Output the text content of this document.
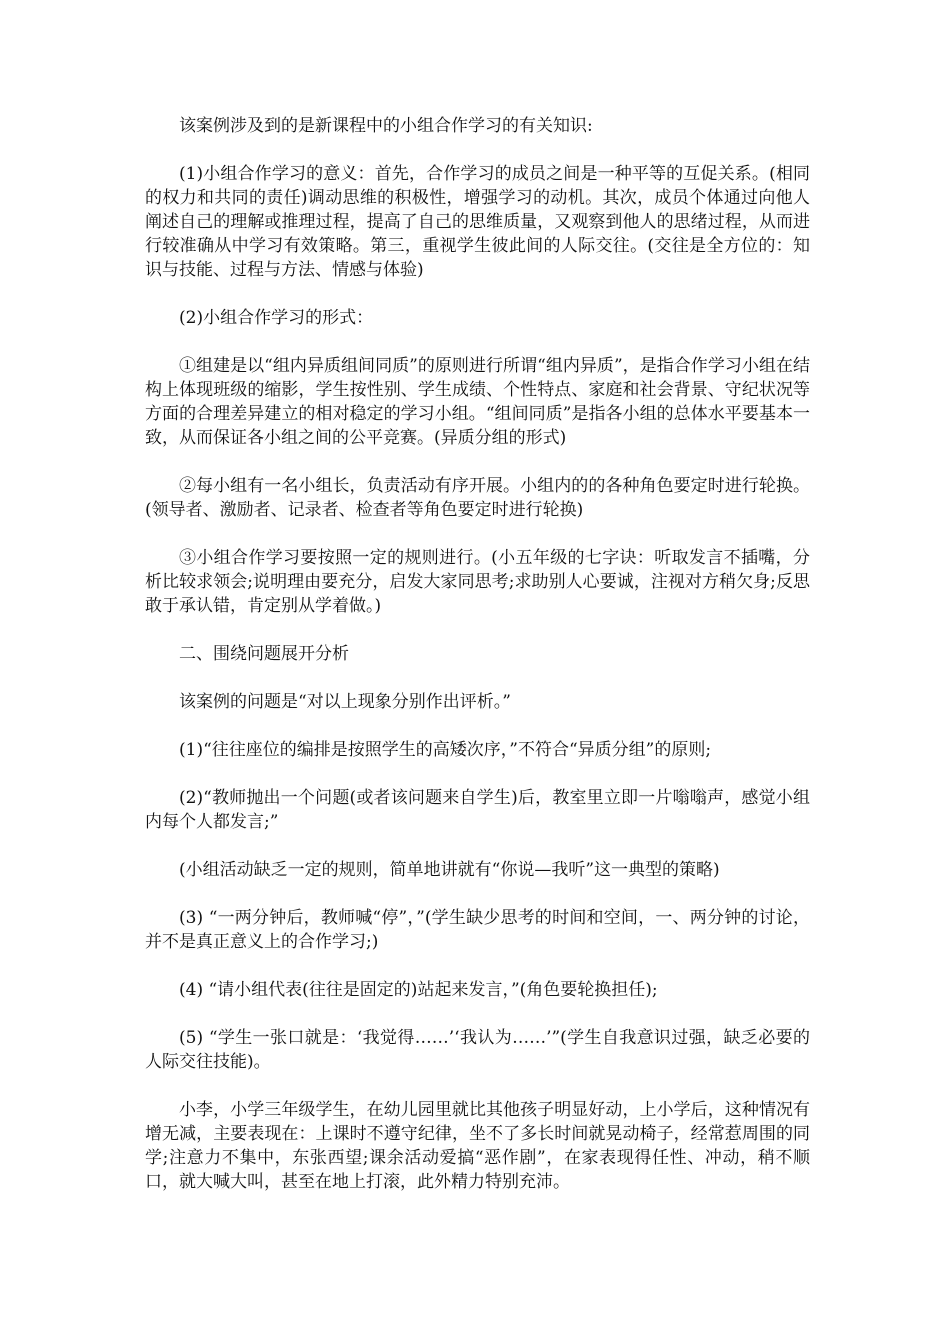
该案例涉及到的是新课程中的小组合作学习的有关知识:

(1)小组合作学习的意义：首先，合作学习的成员之间是一种平等的互促关系。(相同的权力和共同的责任)调动思维的积极性，增强学习的动机。其次，成员个体通过向他人阐述自己的理解或推理过程，提高了自己的思维质量，又观察到他人的思绪过程，从而进行较准确从中学习有效策略。第三，重视学生彼此间的人际交往。(交往是全方位的：知识与技能、过程与方法、情感与体验)

(2)小组合作学习的形式：

①组建是以“组内异质组间同质”的原则进行所谓“组内异质”，是指合作学习小组在结构上体现班级的缩影，学生按性别、学生成绩、个性特点、家庭和社会背景、守纪状况等方面的合理差异建立的相对稳定的学习小组。“组间同质”是指各小组的总体水平要基本一致，从而保证各小组之间的公平竞赛。(异质分组的形式)

②每小组有一名小组长，负责活动有序开展。小组内的的各种角色要定时进行轮换。(领导者、激励者、记录者、检查者等角色要定时进行轮换)

③小组合作学习要按照一定的规则进行。(小五年级的七字诀：听取发言不插嘴，分析比较求领会;说明理由要充分，启发大家同思考;求助别人心要诚，注视对方稍欠身;反思敢于承认错，肯定别从学着做。)

二、围绕问题展开分析

该案例的问题是“对以上现象分别作出评析。”

(1)“往往座位的编排是按照学生的高矮次序，”不符合“异质分组”的原则;

(2)“教师抛出一个问题(或者该问题来自学生)后，教室里立即一片嗡嗡声，感觉小组内每个人都发言;”

(小组活动缺乏一定的规则，简单地讲就有“你说—我听”这一典型的策略)

(3) “一两分钟后，教师喊“停”，”(学生缺少思考的时间和空间，一、两分钟的讨论，并不是真正意义上的合作学习;)

(4) “请小组代表(往往是固定的)站起来发言，”(角色要轮换担任);

(5) “学生一张口就是：‘我觉得……’‘我认为……’”(学生自我意识过强，缺乏必要的人际交往技能)。

小李，小学三年级学生，在幼儿园里就比其他孩子明显好动，上小学后，这种情况有增无减，主要表现在：上课时不遵守纪律，坐不了多长时间就晃动椅子，经常惹周围的同学;注意力不集中，东张西望;课余活动爱搞“恶作剧”，在家表现得任性、冲动，稍不顺口，就大喊大叫，甚至在地上打滚，此外精力特别充沛。
